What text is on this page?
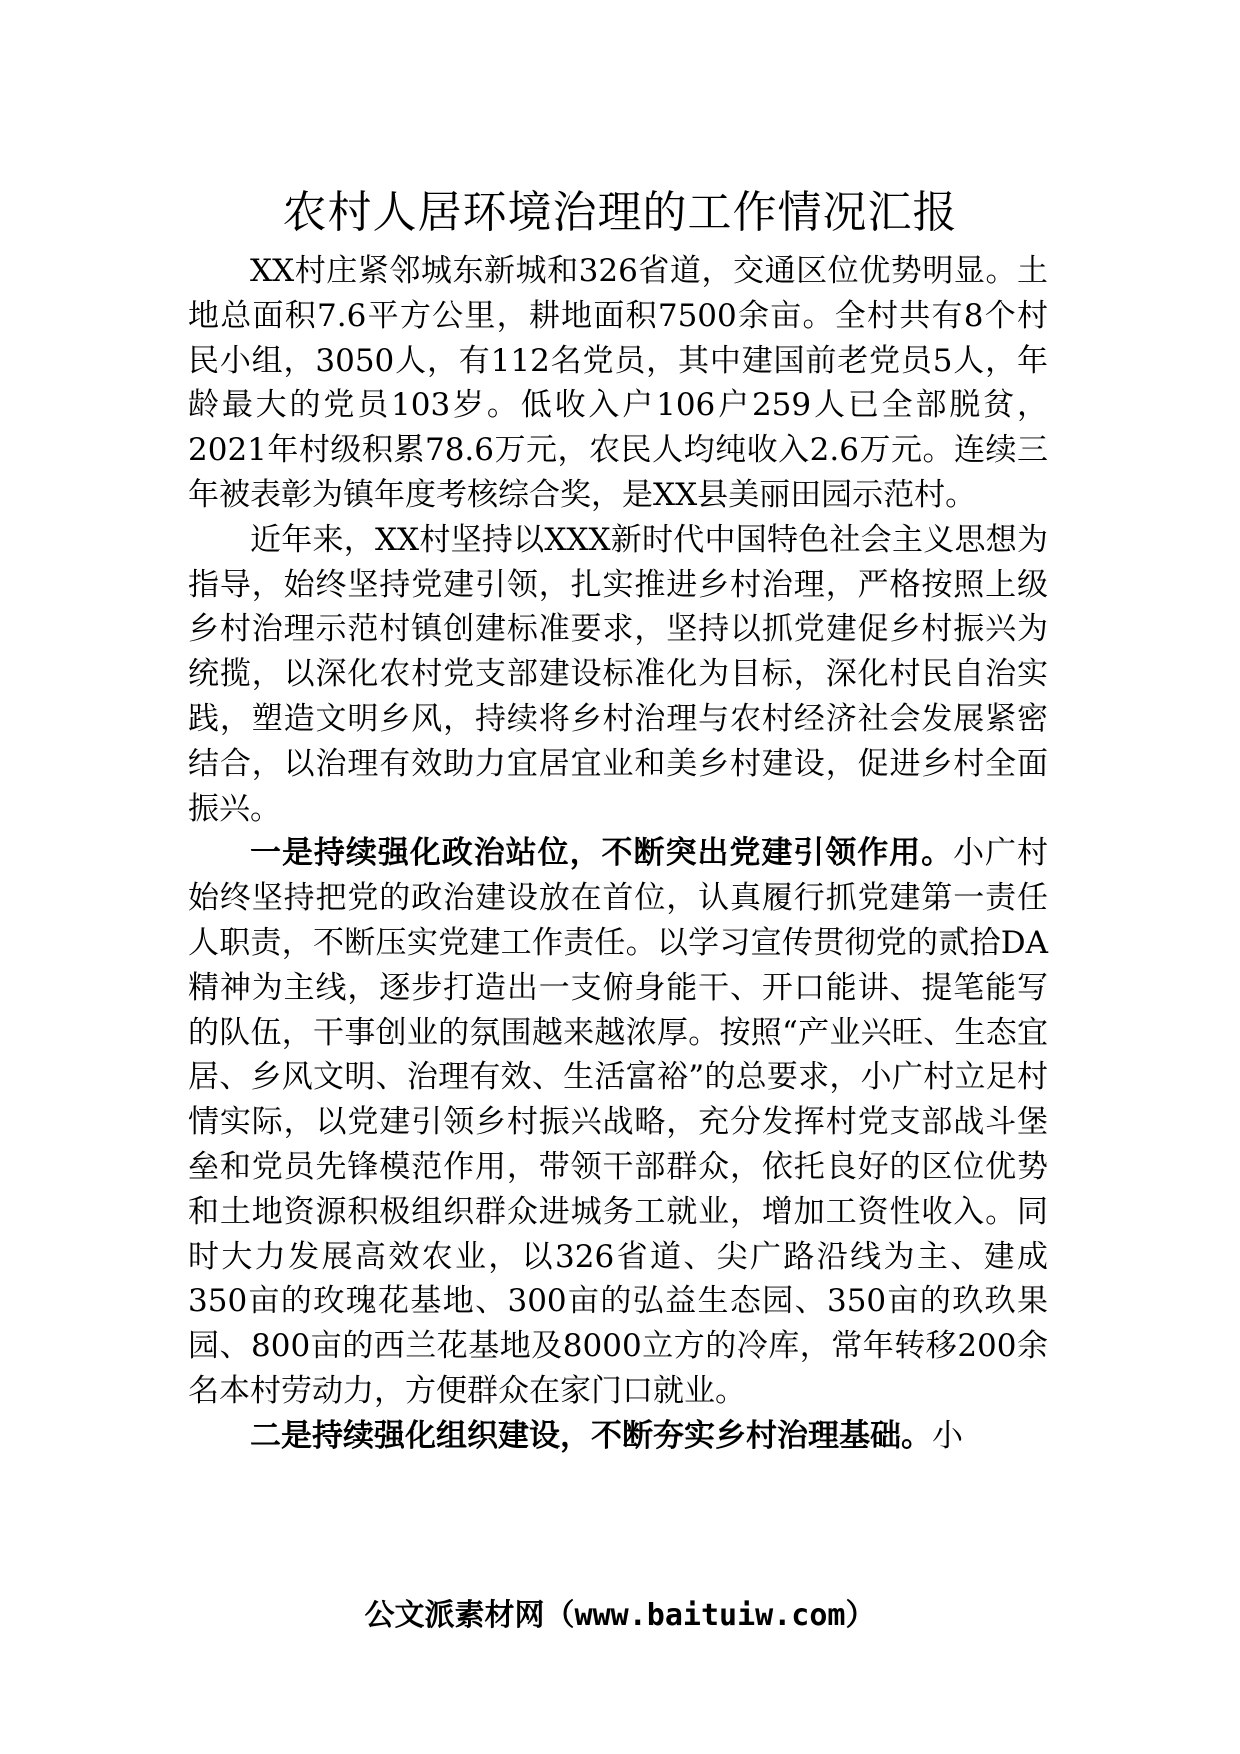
农村人居环境治理的工作情况汇报

XX村庄紧邻城东新城和326省道，交通区位优势明显。土地总面积7.6平方公里，耕地面积7500余亩。全村共有8个村民小组，3050人，有112名党员，其中建国前老党员5人，年龄最大的党员103岁。低收入户106户259人已全部脱贫，2021年村级积累78.6万元，农民人均纯收入2.6万元。连续三年被表彰为镇年度考核综合奖，是XX县美丽田园示范村。

近年来，XX村坚持以XXX新时代中国特色社会主义思想为指导，始终坚持党建引领，扎实推进乡村治理，严格按照上级乡村治理示范村镇创建标准要求，坚持以抓党建促乡村振兴为统揽，以深化农村党支部建设标准化为目标，深化村民自治实践，塑造文明乡风，持续将乡村治理与农村经济社会发展紧密结合，以治理有效助力宜居宜业和美乡村建设，促进乡村全面振兴。

一是持续强化政治站位，不断突出党建引领作用。小广村始终坚持把党的政治建设放在首位，认真履行抓党建第一责任人职责，不断压实党建工作责任。以学习宣传贯彻党的贰拾DA精神为主线，逐步打造出一支俯身能干、开口能讲、提笔能写的队伍，干事创业的氛围越来越浓厚。按照“产业兴旺、生态宜居、乡风文明、治理有效、生活富裕”的总要求，小广村立足村情实际，以党建引领乡村振兴战略，充分发挥村党支部战斗堡垒和党员先锋模范作用，带领干部群众，依托良好的区位优势和土地资源积极组织群众进城务工就业，增加工资性收入。同时大力发展高效农业，以326省道、尖广路沿线为主、建成350亩的玫瑰花基地、300亩的弘益生态园、350亩的玖玖果园、800亩的西兰花基地及8000立方的冷库，常年转移200余名本村劳动力，方便群众在家门口就业。

二是持续强化组织建设，不断夯实乡村治理基础。小

公文派素材网（www.baituiw.com）
